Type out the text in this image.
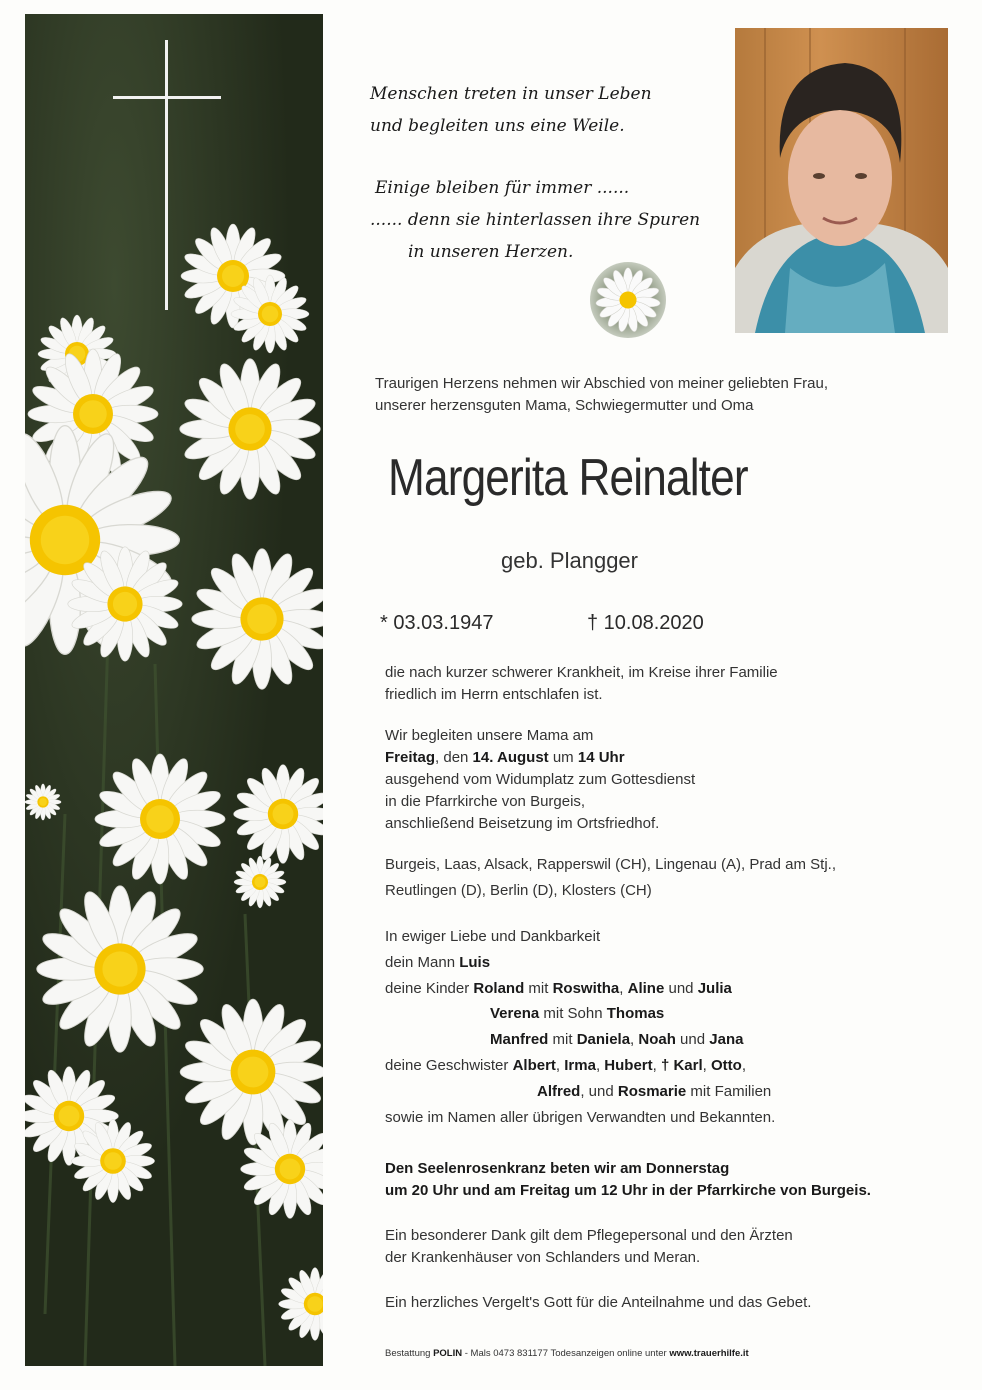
Menschen treten in unser Leben
und begleiten uns eine Weile.
Einige bleiben für immer ......
...... denn sie hinterlassen ihre Spuren
in unseren Herzen.
Traurigen Herzens nehmen wir Abschied von meiner geliebten Frau,
unserer herzensguten Mama, Schwiegermutter und Oma
Margerita Reinalter
geb. Plangger
* 03.03.1947	† 10.08.2020
die nach kurzer schwerer Krankheit, im Kreise ihrer Familie
friedlich im Herrn entschlafen ist.
Wir begleiten unsere Mama am
Freitag, den 14. August um 14 Uhr
ausgehend vom Widumplatz zum Gottesdienst
in die Pfarrkirche von Burgeis,
anschließend Beisetzung im Ortsfriedhof.
Burgeis, Laas, Alsack, Rapperswil (CH), Lingenau (A), Prad am Stj.,
Reutlingen (D), Berlin (D), Klosters (CH)
In ewiger Liebe und Dankbarkeit
dein Mann Luis
deine Kinder Roland mit Roswitha, Aline und Julia
Verena mit Sohn Thomas
Manfred mit Daniela, Noah und Jana
deine Geschwister Albert, Irma, Hubert, † Karl, Otto,
Alfred, und Rosmarie mit Familien
sowie im Namen aller übrigen Verwandten und Bekannten.
Den Seelenrosenkranz beten wir am Donnerstag
um 20 Uhr und am Freitag um 12 Uhr in der Pfarrkirche von Burgeis.
Ein besonderer Dank gilt dem Pflegepersonal und den Ärzten
der Krankenhäuser von Schlanders und Meran.
Ein herzliches Vergelt's Gott für die Anteilnahme und das Gebet.
Bestattung POLIN - Mals 0473 831177 Todesanzeigen online unter www.trauerhilfe.it
